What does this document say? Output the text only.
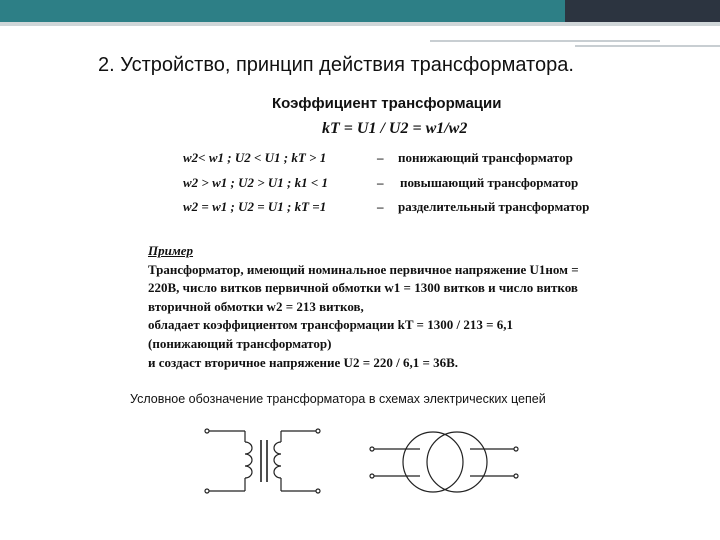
2. Устройство, принцип действия трансформатора.
Коэффициент трансформации
kT = U1 / U2 = w1/w2
w2< w1 ; U2 < U1 ; kT > 1	– понижающий трансформатор
w2 > w1 ; U2 > U1 ; k1 < 1	– повышающий трансформатор
w2 = w1 ; U2 = U1 ; kT =1	– разделительный трансформатор
Пример
Трансформатор, имеющий номинальное первичное напряжение U1ном =
220В, число витков первичной обмотки w1 = 1300 витков и число витков
вторичной обмотки w2 = 213 витков,
обладает коэффициентом трансформации kT = 1300 / 213 = 6,1
(понижающий трансформатор)
и создаст вторичное напряжение U2 = 220 / 6,1 = 36В.
Условное обозначение трансформатора в схемах электрических цепей
